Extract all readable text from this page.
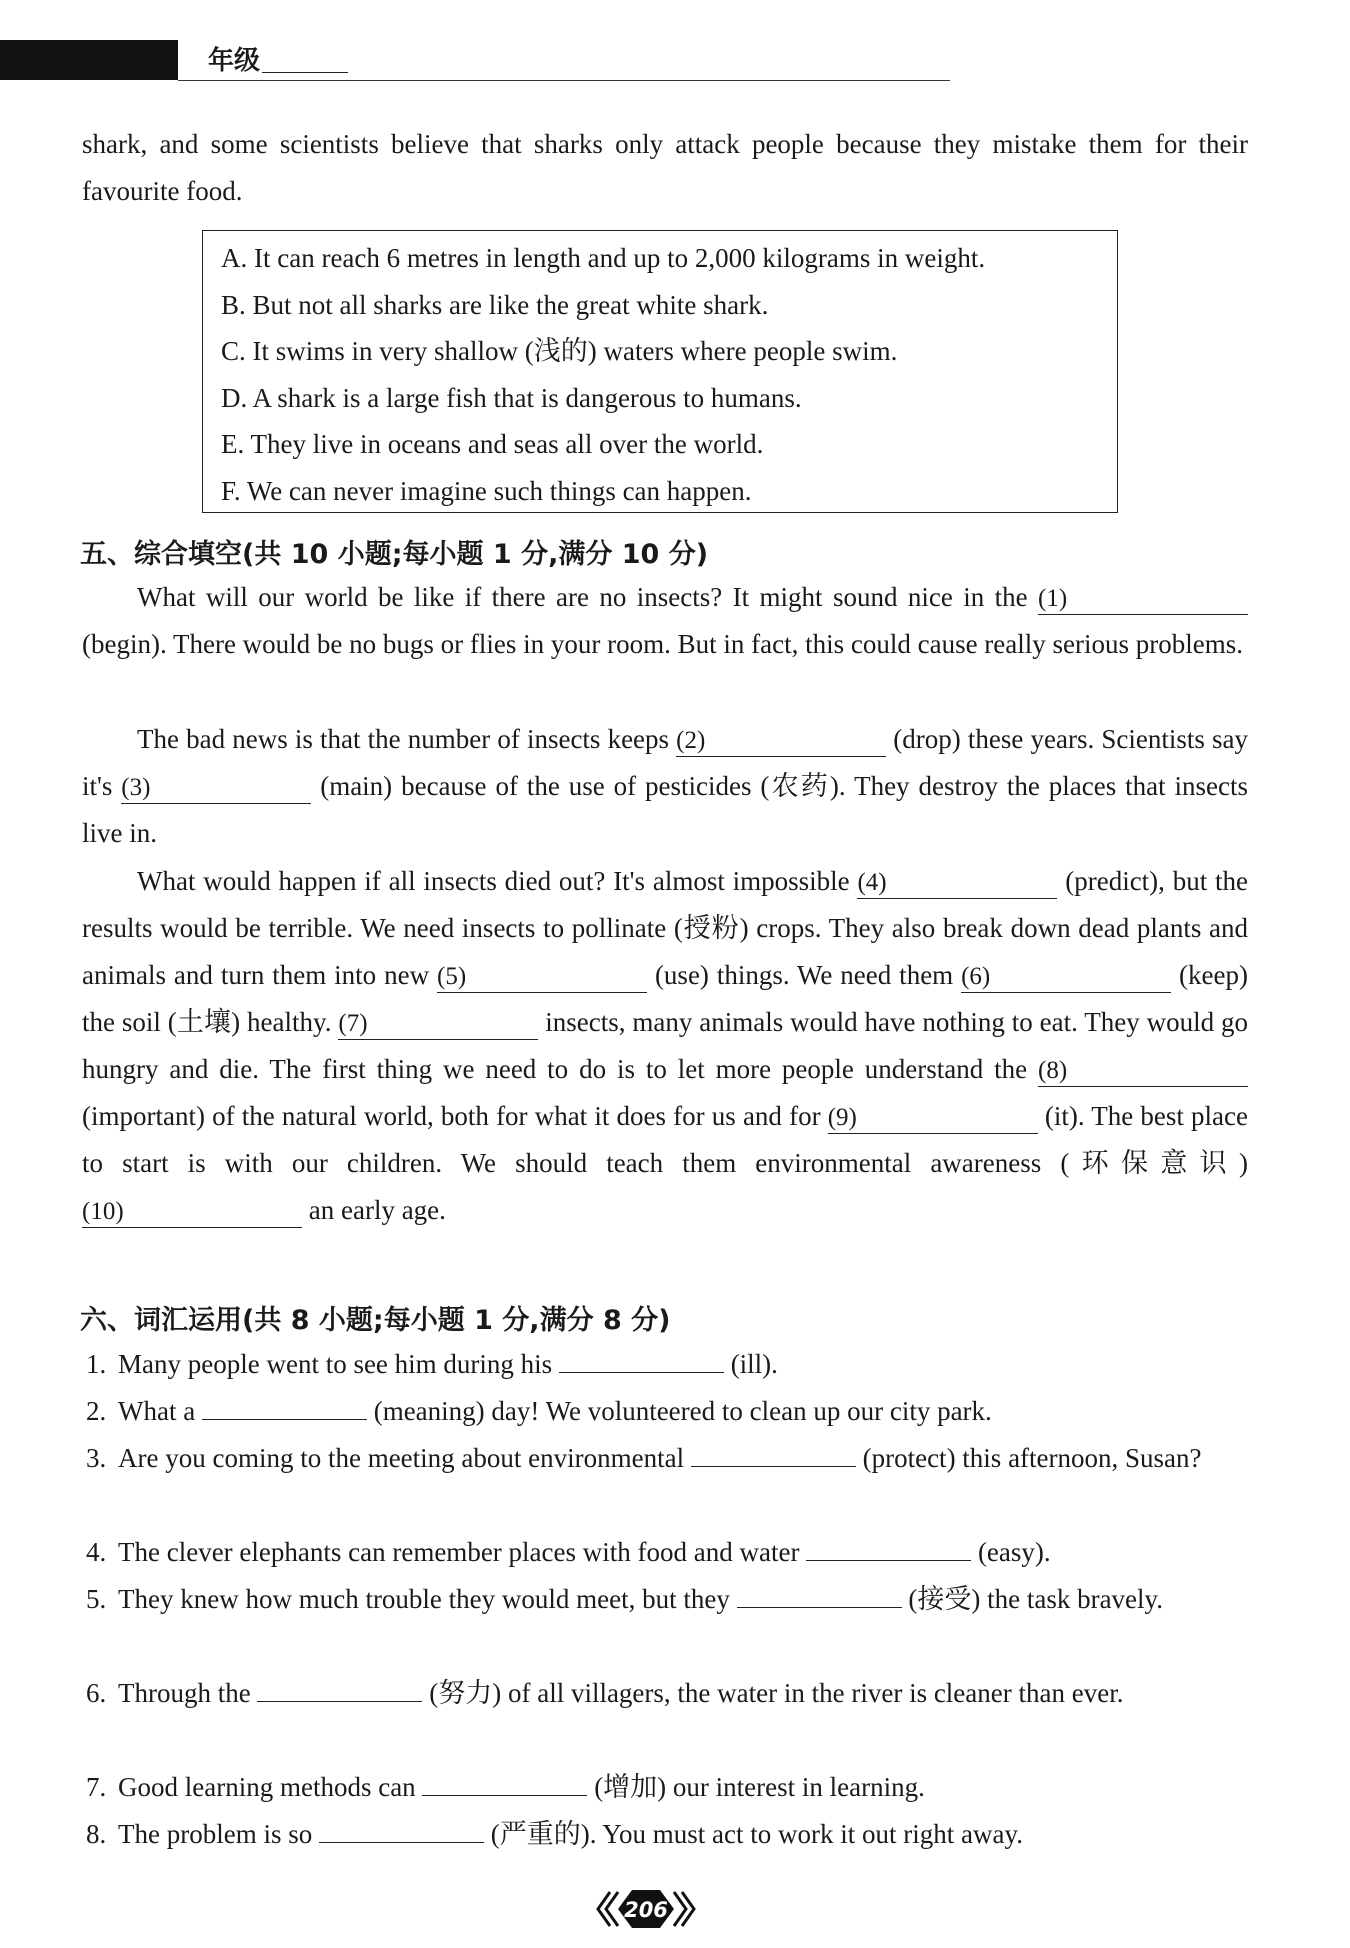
年级
shark, and some scientists believe that sharks only attack people because they mistake them for their favourite food.
A. It can reach 6 metres in length and up to 2,000 kilograms in weight.
B. But not all sharks are like the great white shark.
C. It swims in very shallow (浅的) waters where people swim.
D. A shark is a large fish that is dangerous to humans.
E. They live in oceans and seas all over the world.
F. We can never imagine such things can happen.
五、综合填空(共 10 小题;每小题 1 分,满分 10 分)
What will our world be like if there are no insects? It might sound nice in the (1) (begin). There would be no bugs or flies in your room. But in fact, this could cause really serious problems.
The bad news is that the number of insects keeps (2)	(drop) these years. Scientists say it's (3)	(main) because of the use of pesticides (农药). They destroy the places that insects live in.
What would happen if all insects died out? It's almost impossible (4)	(predict), but the results would be terrible. We need insects to pollinate (授粉) crops. They also break down dead plants and animals and turn them into new (5)	(use) things. We need them (6)	(keep) the soil (土壤) healthy. (7)	insects, many animals would have nothing to eat. They would go hungry and die. The first thing we need to do is to let more people understand the (8) (important) of the natural world, both for what it does for us and for (9)	(it). The best place to start is with our children. We should teach them environmental awareness (环保意识) (10)	an early age.
六、词汇运用(共 8 小题;每小题 1 分,满分 8 分)
1. Many people went to see him during his	(ill).
2. What a	(meaning) day! We volunteered to clean up our city park.
3. Are you coming to the meeting about environmental	(protect) this afternoon, Susan?
4. The clever elephants can remember places with food and water	(easy).
5. They knew how much trouble they would meet, but they	(接受) the task bravely.
6. Through the	(努力) of all villagers, the water in the river is cleaner than ever.
7. Good learning methods can	(增加) our interest in learning.
8. The problem is so	(严重的). You must act to work it out right away.
206
